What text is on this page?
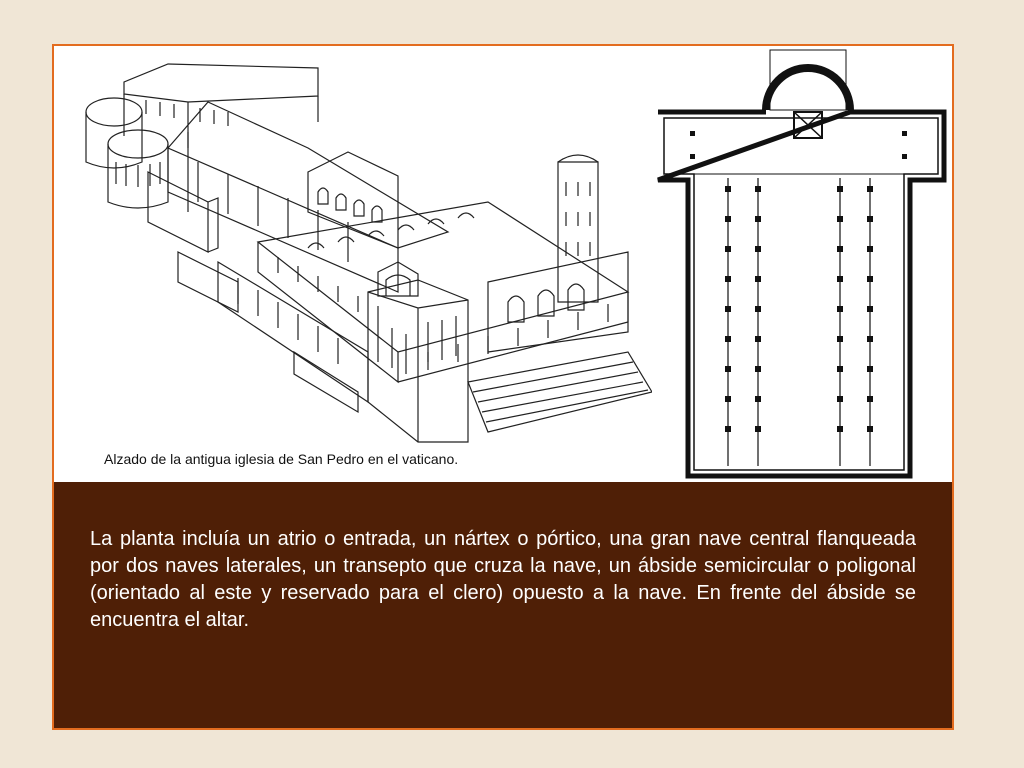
Alzado de la antigua iglesia de San Pedro en el vaticano.

La planta incluía un atrio o entrada, un nártex o pórtico, una gran nave central flanqueada por dos naves laterales, un transepto que cruza la nave, un ábside semicircular o poligonal (orientado al este y reservado para el clero) opuesto a la nave. En frente del ábside se encuentra el altar.
